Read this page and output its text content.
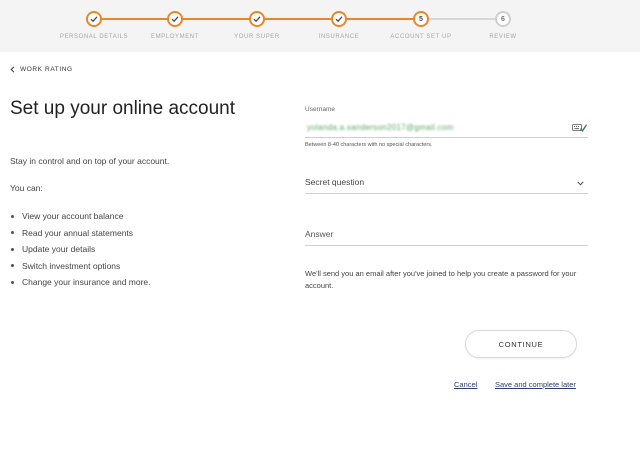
5	6
PERSONAL DETAILS	EMPLOYMENT	YOUR SUPER	INSURANCE	ACCOUNT SET UP	REVIEW
WORK RATING
Set up your online account

Stay in control and on top of your account.

You can:

View your account balance
Read your annual statements
Update your details
Switch investment options
Change your insurance and more.
Username
yolanda.a.sanderson2017@gmail.com
Between 8-40 characters with no special characters.
Secret question
Answer

We'll send you an email after you've joined to help you create a password for your account.

CONTINUE
Cancel Save and complete later
